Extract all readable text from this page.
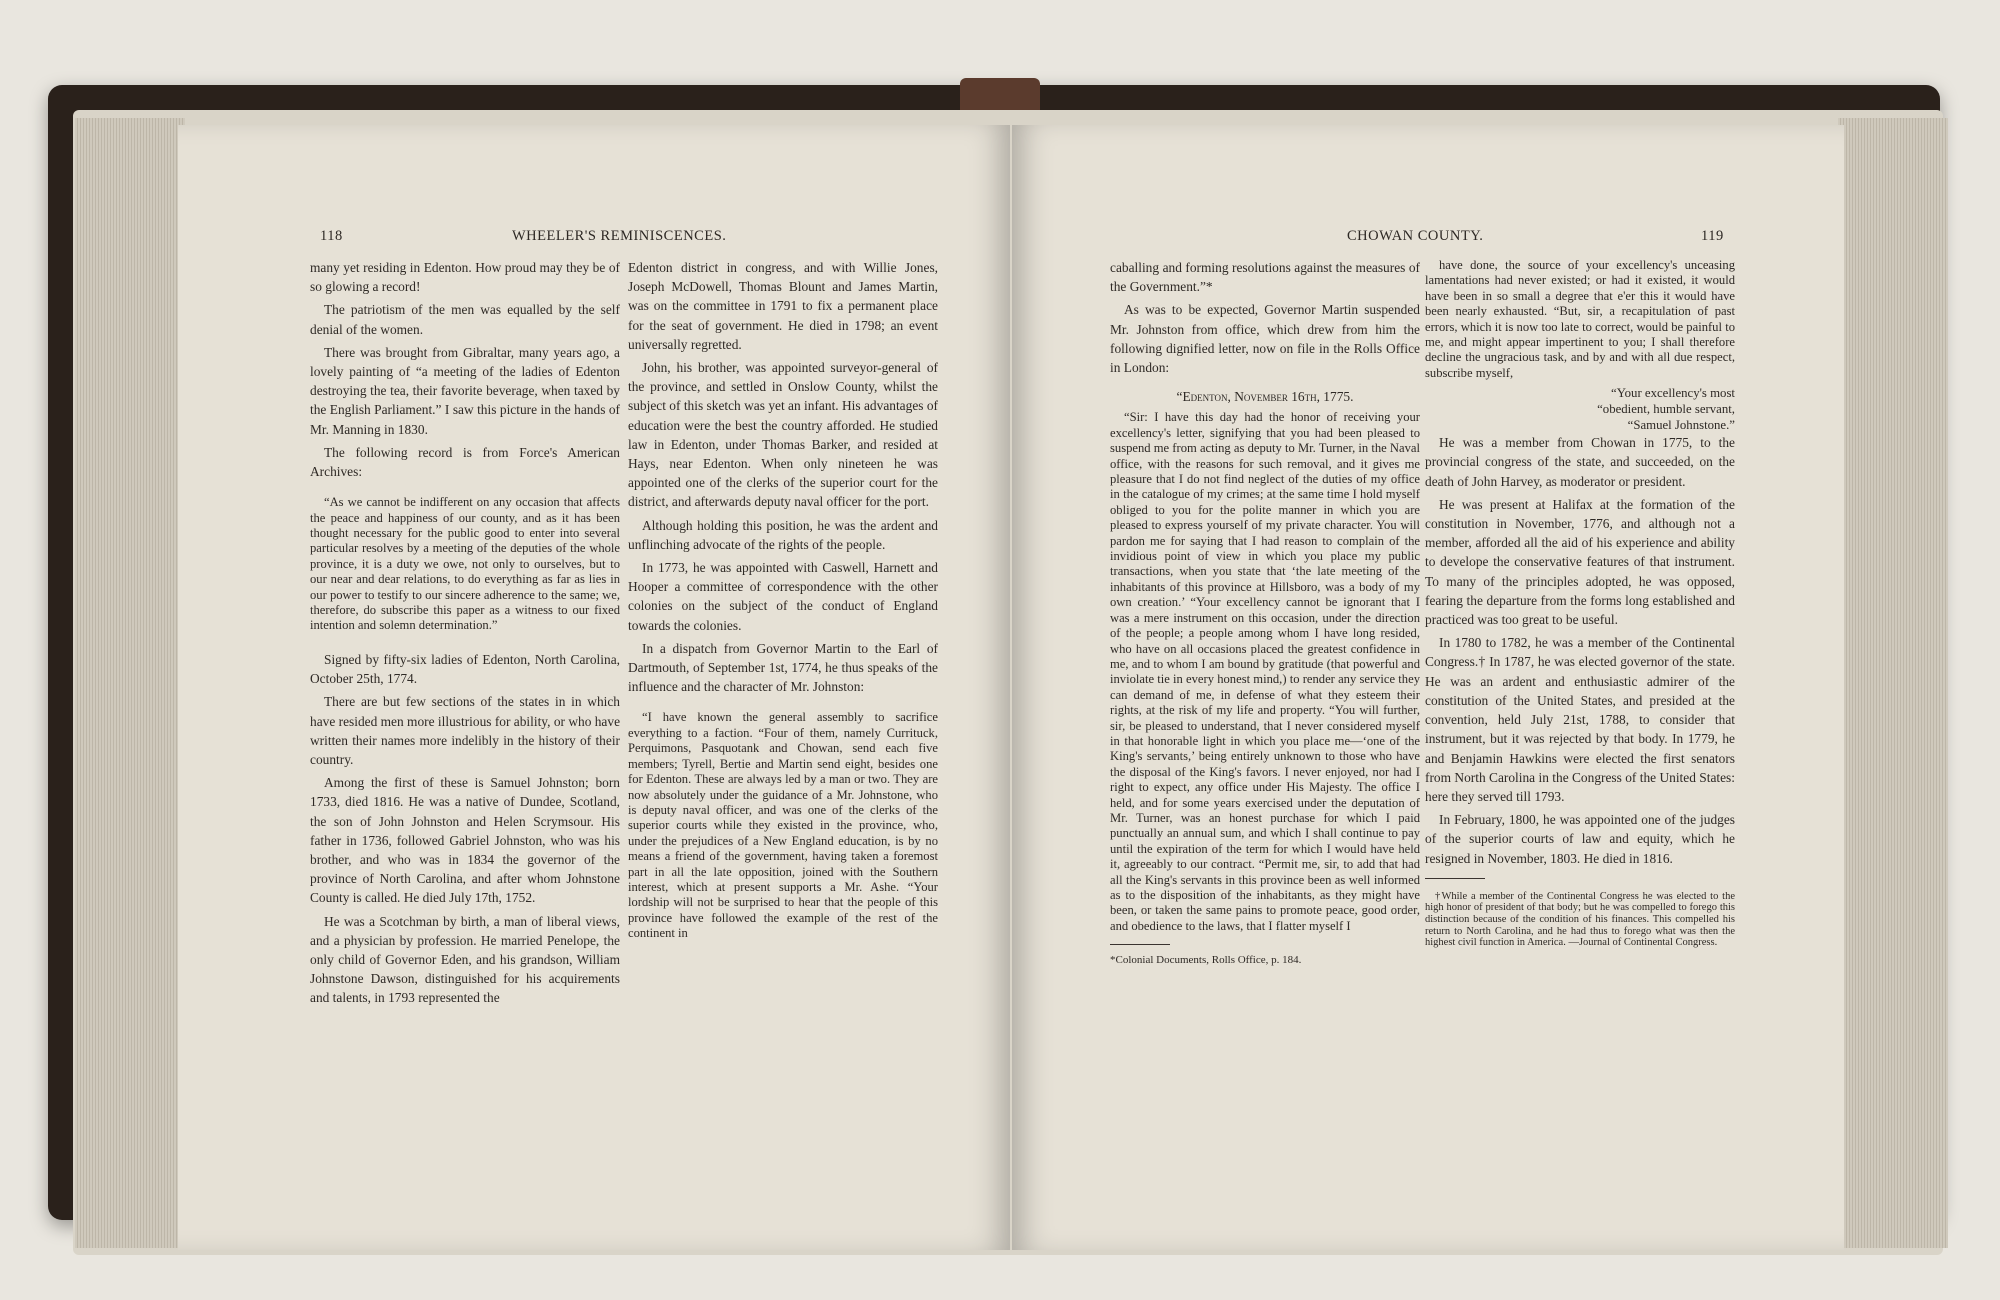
118	WHEELER'S REMINISCENCES.	CHOWAN COUNTY.	119

many yet residing in Edenton. How proud may they be of so glowing a record!

The patriotism of the men was equalled by the self denial of the women.

There was brought from Gibraltar, many years ago, a lovely painting of “a meeting of the ladies of Edenton destroying the tea, their favorite beverage, when taxed by the English Parliament.” I saw this picture in the hands of Mr. Manning in 1830.

The following record is from Force's American Archives:

“As we cannot be indifferent on any occasion that affects the peace and happiness of our county, and as it has been thought necessary for the public good to enter into several particular resolves by a meeting of the deputies of the whole province, it is a duty we owe, not only to ourselves, but to our near and dear relations, to do everything as far as lies in our power to testify to our sincere adherence to the same; we, therefore, do subscribe this paper as a witness to our fixed intention and solemn determination.”

Signed by fifty-six ladies of Edenton, North Carolina, October 25th, 1774.

There are but few sections of the states in in which have resided men more illustrious for ability, or who have written their names more indelibly in the history of their country.

Among the first of these is Samuel Johnston; born 1733, died 1816. He was a native of Dundee, Scotland, the son of John Johnston and Helen Scrymsour. His father in 1736, followed Gabriel Johnston, who was his brother, and who was in 1834 the governor of the province of North Carolina, and after whom Johnstone County is called. He died July 17th, 1752.

He was a Scotchman by birth, a man of liberal views, and a physician by profession. He married Penelope, the only child of Governor Eden, and his grandson, William Johnstone Dawson, distinguished for his acquirements and talents, in 1793 represented the

Edenton district in congress, and with Willie Jones, Joseph McDowell, Thomas Blount and James Martin, was on the committee in 1791 to fix a permanent place for the seat of government. He died in 1798; an event universally regretted.

John, his brother, was appointed surveyor-general of the province, and settled in Onslow County, whilst the subject of this sketch was yet an infant. His advantages of education were the best the country afforded. He studied law in Edenton, under Thomas Barker, and resided at Hays, near Edenton. When only nineteen he was appointed one of the clerks of the superior court for the district, and afterwards deputy naval officer for the port.

Although holding this position, he was the ardent and unflinching advocate of the rights of the people.

In 1773, he was appointed with Caswell, Harnett and Hooper a committee of correspondence with the other colonies on the subject of the conduct of England towards the colonies.

In a dispatch from Governor Martin to the Earl of Dartmouth, of September 1st, 1774, he thus speaks of the influence and the character of Mr. Johnston:

“I have known the general assembly to sacrifice everything to a faction. “Four of them, namely Currituck, Perquimons, Pasquotank and Chowan, send each five members; Tyrell, Bertie and Martin send eight, besides one for Edenton. These are always led by a man or two. They are now absolutely under the guidance of a Mr. Johnstone, who is deputy naval officer, and was one of the clerks of the superior courts while they existed in the province, who, under the prejudices of a New England education, is by no means a friend of the government, having taken a foremost part in all the late opposition, joined with the Southern interest, which at present supports a Mr. Ashe. “Your lordship will not be surprised to hear that the people of this province have followed the example of the rest of the continent in

caballing and forming resolutions against the measures of the Government.”*

As was to be expected, Governor Martin suspended Mr. Johnston from office, which drew from him the following dignified letter, now on file in the Rolls Office in London:

“Edenton, November 16th, 1775.

“Sir: I have this day had the honor of receiving your excellency's letter, signifying that you had been pleased to suspend me from acting as deputy to Mr. Turner, in the Naval office, with the reasons for such removal, and it gives me pleasure that I do not find neglect of the duties of my office in the catalogue of my crimes; at the same time I hold myself obliged to you for the polite manner in which you are pleased to express yourself of my private character. You will pardon me for saying that I had reason to complain of the invidious point of view in which you place my public transactions, when you state that ‘the late meeting of the inhabitants of this province at Hillsboro, was a body of my own creation.’ “Your excellency cannot be ignorant that I was a mere instrument on this occasion, under the direction of the people; a people among whom I have long resided, who have on all occasions placed the greatest confidence in me, and to whom I am bound by gratitude (that powerful and inviolate tie in every honest mind,) to render any service they can demand of me, in defense of what they esteem their rights, at the risk of my life and property. “You will further, sir, be pleased to understand, that I never considered myself in that honorable light in which you place me—‘one of the King's servants,’ being entirely unknown to those who have the disposal of the King's favors. I never enjoyed, nor had I right to expect, any office under His Majesty. The office I held, and for some years exercised under the deputation of Mr. Turner, was an honest purchase for which I paid punctually an annual sum, and which I shall continue to pay until the expiration of the term for which I would have held it, agreeably to our contract. “Permit me, sir, to add that had all the King's servants in this province been as well informed as to the disposition of the inhabitants, as they might have been, or taken the same pains to promote peace, good order, and obedience to the laws, that I flatter myself I

*Colonial Documents, Rolls Office, p. 184.

have done, the source of your excellency's unceasing lamentations had never existed; or had it existed, it would have been in so small a degree that e'er this it would have been nearly exhausted. “But, sir, a recapitulation of past errors, which it is now too late to correct, would be painful to me, and might appear impertinent to you; I shall therefore decline the ungracious task, and by and with all due respect, subscribe myself,

“Your excellency's most

“obedient, humble servant,

“Samuel Johnstone.”

He was a member from Chowan in 1775, to the provincial congress of the state, and succeeded, on the death of John Harvey, as moderator or president.

He was present at Halifax at the formation of the constitution in November, 1776, and although not a member, afforded all the aid of his experience and ability to develope the conservative features of that instrument. To many of the principles adopted, he was opposed, fearing the departure from the forms long established and practiced was too great to be useful.

In 1780 to 1782, he was a member of the Continental Congress.† In 1787, he was elected governor of the state. He was an ardent and enthusiastic admirer of the constitution of the United States, and presided at the convention, held July 21st, 1788, to consider that instrument, but it was rejected by that body. In 1779, he and Benjamin Hawkins were elected the first senators from North Carolina in the Congress of the United States: here they served till 1793.

In February, 1800, he was appointed one of the judges of the superior courts of law and equity, which he resigned in November, 1803. He died in 1816.

†While a member of the Continental Congress he was elected to the high honor of president of that body; but he was compelled to forego this distinction because of the condition of his finances. This compelled his return to North Carolina, and he had thus to forego what was then the highest civil function in America. —Journal of Continental Congress.
